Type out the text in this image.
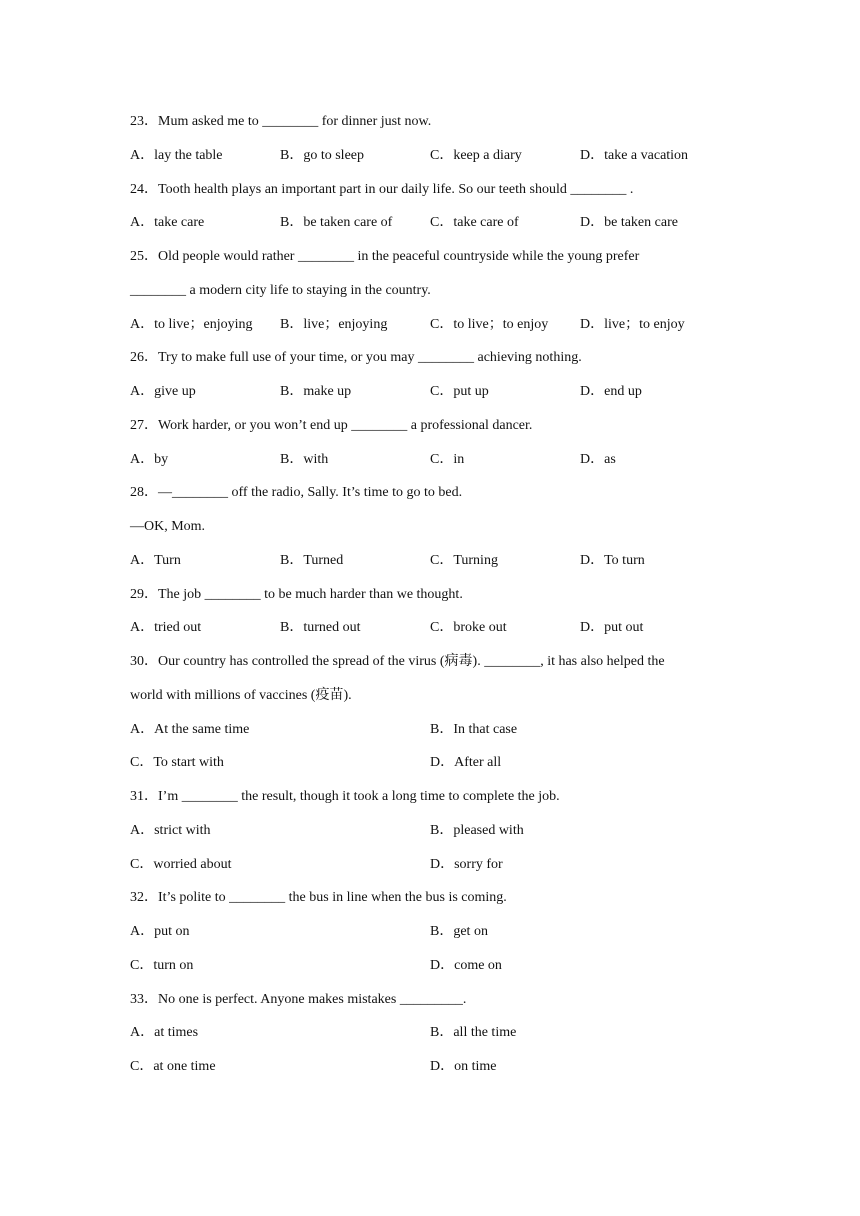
23．Mum asked me to ________ for dinner just now.
A．lay the table	B．go to sleep	C．keep a diary	D．take a vacation
24．Tooth health plays an important part in our daily life. So our teeth should ________ .
A．take care	B．be taken care of	C．take care of	D．be taken care
25．Old people would rather ________ in the peaceful countryside while the young prefer
________ a modern city life to staying in the country.
A．to live；enjoying	B．live；enjoying	C．to live；to enjoy	D．live；to enjoy
26．Try to make full use of your time, or you may ________ achieving nothing.
A．give up	B．make up	C．put up	D．end up
27．Work harder, or you won’t end up ________ a professional dancer.
A．by	B．with	C．in	D．as
28．—________ off the radio, Sally. It’s time to go to bed.
—OK, Mom.
A．Turn	B．Turned	C．Turning	D．To turn
29．The job ________ to be much harder than we thought.
A．tried out	B．turned out	C．broke out	D．put out
30．Our country has controlled the spread of the virus (病毒). ________, it has also helped the
world with millions of vaccines (疫苗).
A．At the same time	B．In that case
C．To start with	D．After all
31．I’m ________ the result, though it took a long time to complete the job.
A．strict with	B．pleased with
C．worried about	D．sorry for
32．It’s polite to ________ the bus in line when the bus is coming.
A．put on	B．get on
C．turn on	D．come on
33．No one is perfect. Anyone makes mistakes _________.
A．at times	B．all the time
C．at one time	D．on time
